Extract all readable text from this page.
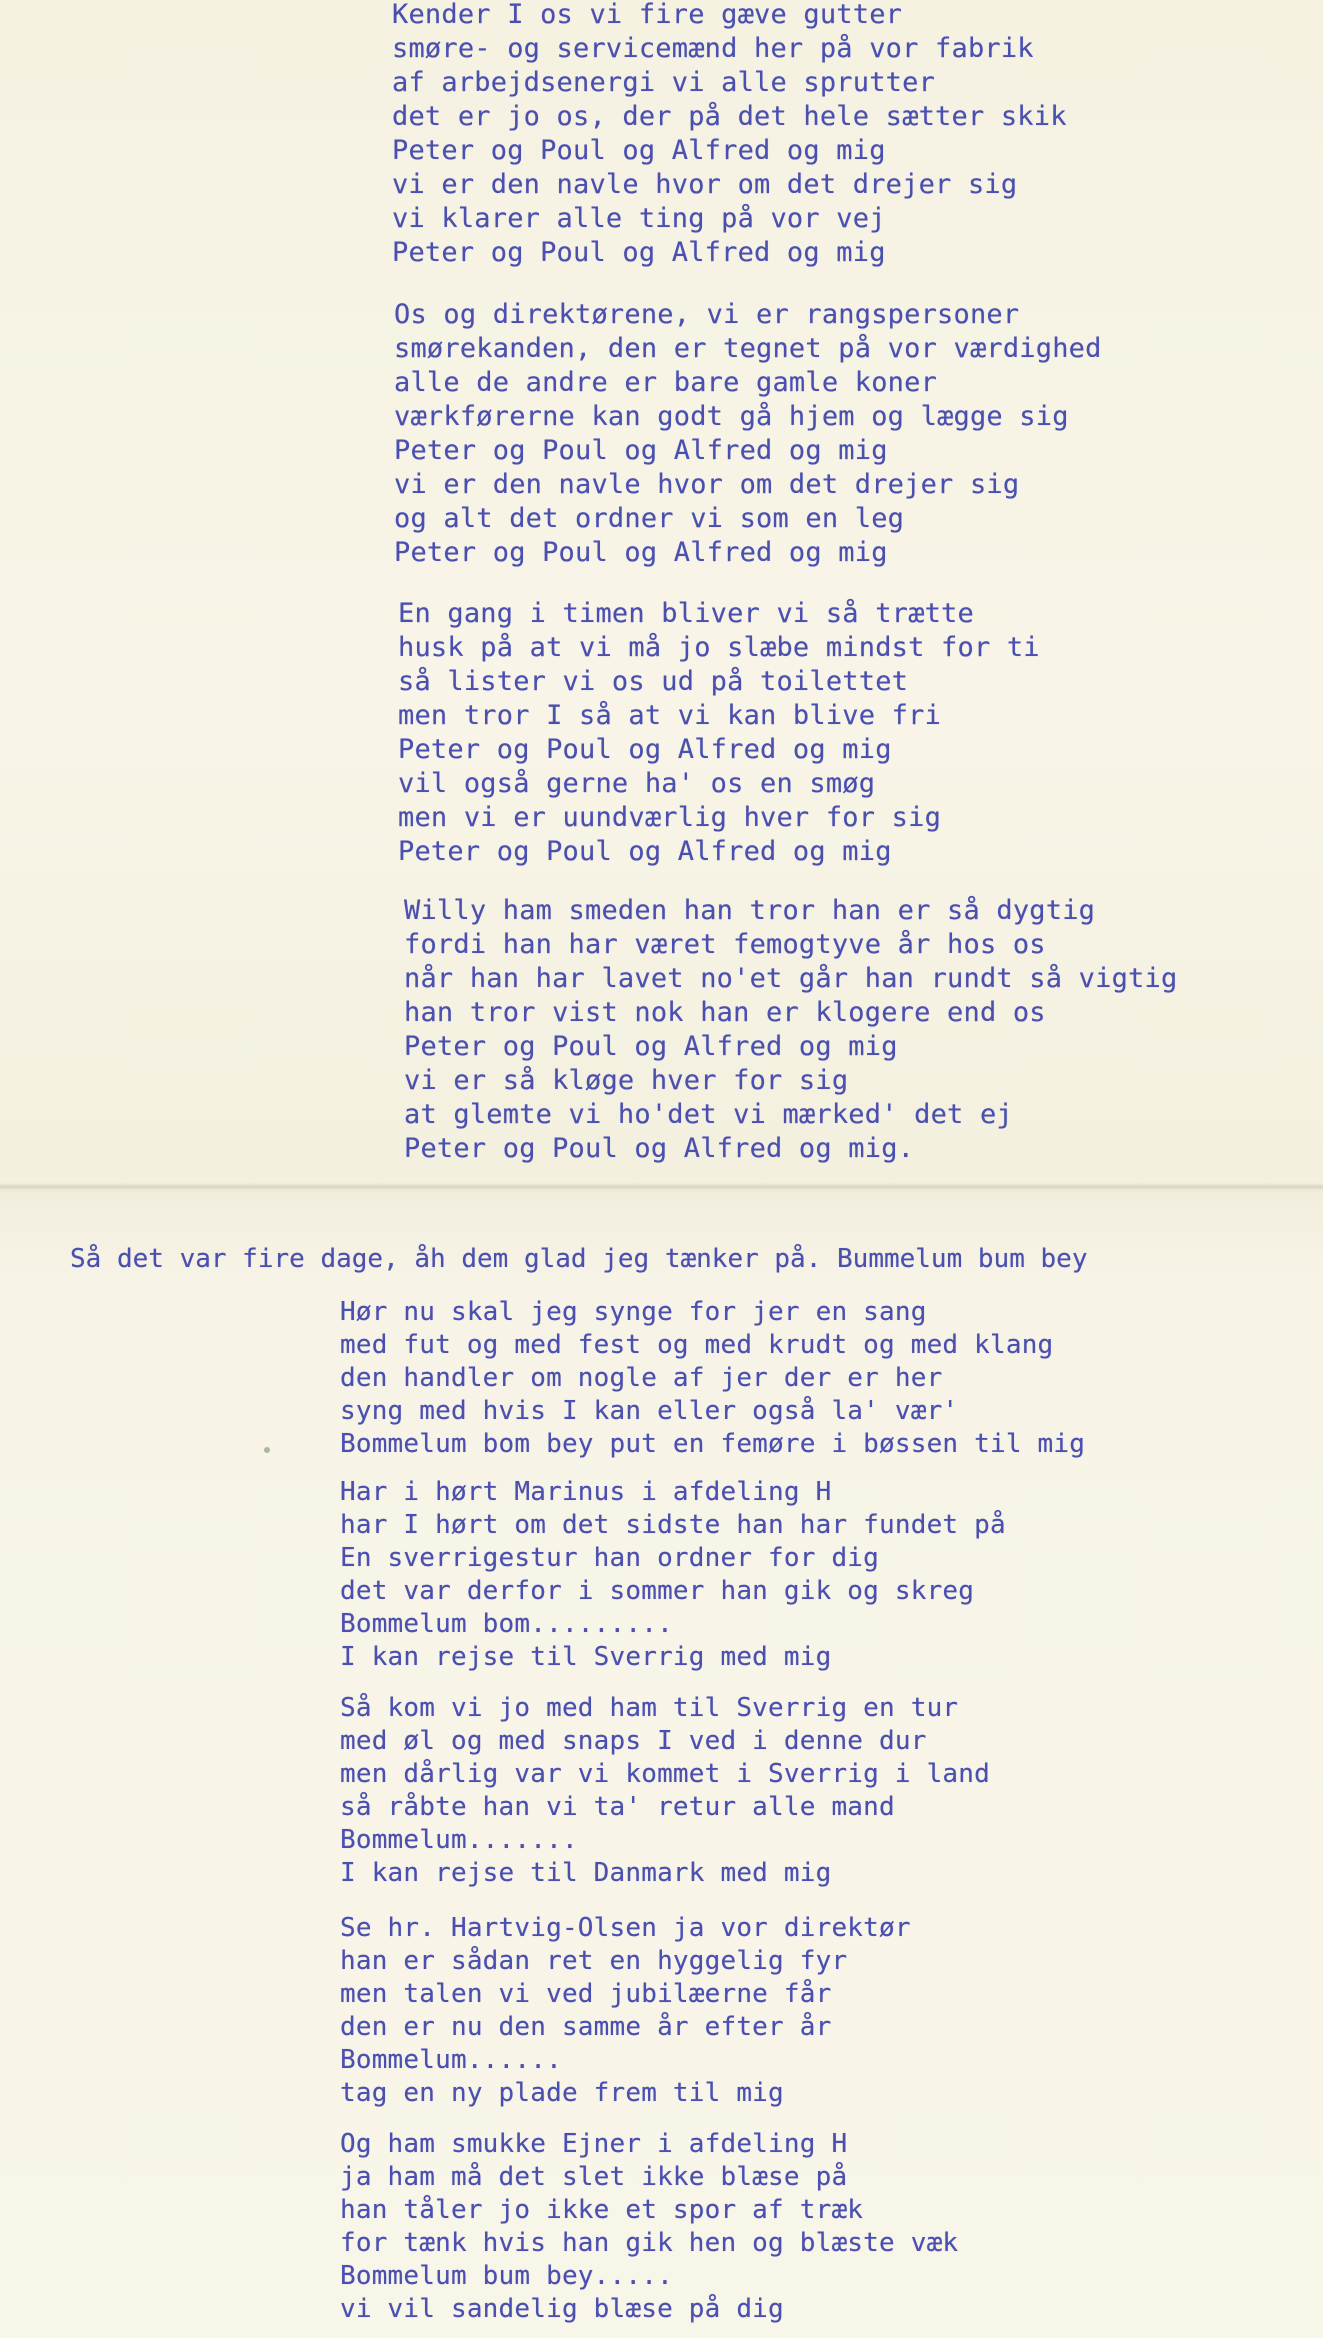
Kender I os vi fire gæve gutter
smøre- og servicemænd her på vor fabrik
af arbejdsenergi vi alle sprutter
det er jo os, der på det hele sætter skik
Peter og Poul og Alfred og mig
vi er den navle hvor om det drejer sig
vi klarer alle ting på vor vej
Peter og Poul og Alfred og mig
Os og direktørene, vi er rangspersoner
smørekanden, den er tegnet på vor værdighed
alle de andre er bare gamle koner
værkførerne kan godt gå hjem og lægge sig
Peter og Poul og Alfred og mig
vi er den navle hvor om det drejer sig
og alt det ordner vi som en leg
Peter og Poul og Alfred og mig
En gang i timen bliver vi så trætte
husk på at vi må jo slæbe mindst for ti
så lister vi os ud på toilettet
men tror I så at vi kan blive fri
Peter og Poul og Alfred og mig
vil også gerne ha' os en smøg
men vi er uundværlig hver for sig
Peter og Poul og Alfred og mig
Willy ham smeden han tror han er så dygtig
fordi han har været femogtyve år hos os
når han har lavet no'et går han rundt så vigtig
han tror vist nok han er klogere end os
Peter og Poul og Alfred og mig
vi er så kløge hver for sig
at glemte vi ho'det vi mærked' det ej
Peter og Poul og Alfred og mig.
Så det var fire dage, åh dem glad jeg tænker på. Bummelum bum bey
Hør nu skal jeg synge for jer en sang
med fut og med fest og med krudt og med klang
den handler om nogle af jer der er her
syng med hvis I kan eller også la' vær'
Bommelum bom bey put en femøre i bøssen til mig
Har i hørt Marinus i afdeling H
har I hørt om det sidste han har fundet på
En sverrigestur han ordner for dig
det var derfor i sommer han gik og skreg
Bommelum bom.........
I kan rejse til Sverrig med mig
Så kom vi jo med ham til Sverrig en tur
med øl og med snaps I ved i denne dur
men dårlig var vi kommet i Sverrig i land
så råbte han vi ta' retur alle mand
Bommelum.......
I kan rejse til Danmark med mig
Se hr. Hartvig-Olsen ja vor direktør
han er sådan ret en hyggelig fyr
men talen vi ved jubilæerne får
den er nu den samme år efter år
Bommelum......
tag en ny plade frem til mig
Og ham smukke Ejner i afdeling H
ja ham må det slet ikke blæse på
han tåler jo ikke et spor af træk
for tænk hvis han gik hen og blæste væk
Bommelum bum bey.....
vi vil sandelig blæse på dig
